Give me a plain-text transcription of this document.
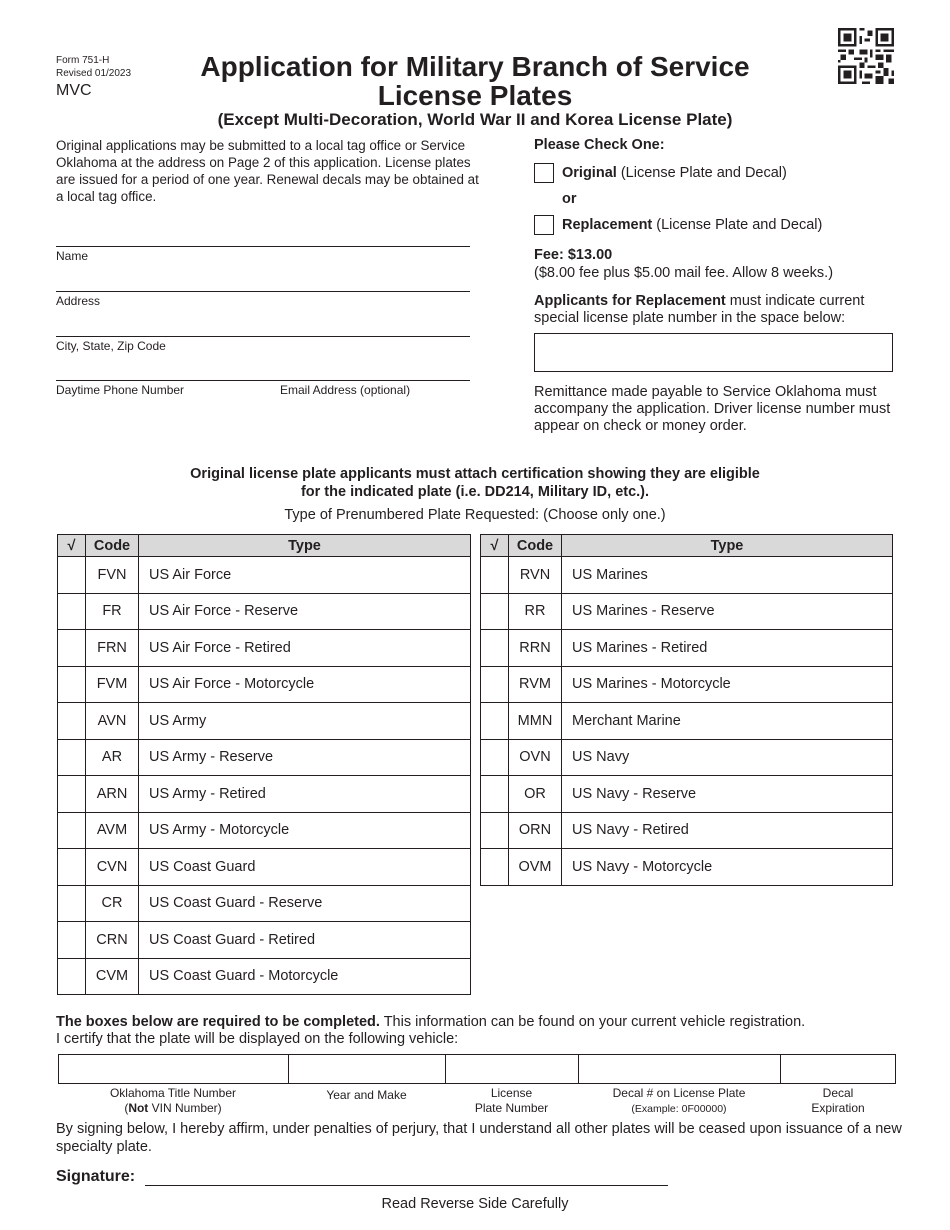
Form 751-H
Revised 01/2023
MVC
Application for Military Branch of Service
License Plates
(Except Multi-Decoration, World War II and Korea License Plate)
Original applications may be submitted to a local tag office or Service Oklahoma at the address on Page 2 of this application. License plates are issued for a period of one year. Renewal decals may be obtained at a local tag office.
Name
Address
City, State, Zip Code
Daytime Phone Number	Email Address (optional)
Please Check One:
Original (License Plate and Decal)
or
Replacement (License Plate and Decal)
Fee: $13.00
($8.00 fee plus $5.00 mail fee. Allow 8 weeks.)
Applicants for Replacement must indicate current special license plate number in the space below:
Remittance made payable to Service Oklahoma must accompany the application. Driver license number must appear on check or money order.
Original license plate applicants must attach certification showing they are eligible
for the indicated plate (i.e. DD214, Military ID, etc.).
Type of Prenumbered Plate Requested: (Choose only one.)
√	Code	Type
	FVN	US Air Force
	FR	US Air Force - Reserve
	FRN	US Air Force - Retired
	FVM	US Air Force - Motorcycle
	AVN	US Army
	AR	US Army - Reserve
	ARN	US Army - Retired
	AVM	US Army - Motorcycle
	CVN	US Coast Guard
	CR	US Coast Guard - Reserve
	CRN	US Coast Guard - Retired
	CVM	US Coast Guard - Motorcycle
√	Code	Type
	RVN	US Marines
	RR	US Marines - Reserve
	RRN	US Marines - Retired
	RVM	US Marines - Motorcycle
	MMN	Merchant Marine
	OVN	US Navy
	OR	US Navy - Reserve
	ORN	US Navy - Retired
	OVM	US Navy - Motorcycle
The boxes below are required to be completed. This information can be found on your current vehicle registration.
I certify that the plate will be displayed on the following vehicle:
Oklahoma Title Number
(Not VIN Number)
Year and Make	License
Plate Number
Decal # on License Plate
(Example: 0F00000)
Decal
Expiration
By signing below, I hereby affirm, under penalties of perjury, that I understand all other plates will be ceased upon issuance of a new specialty plate.
Signature:
Read Reverse Side Carefully
